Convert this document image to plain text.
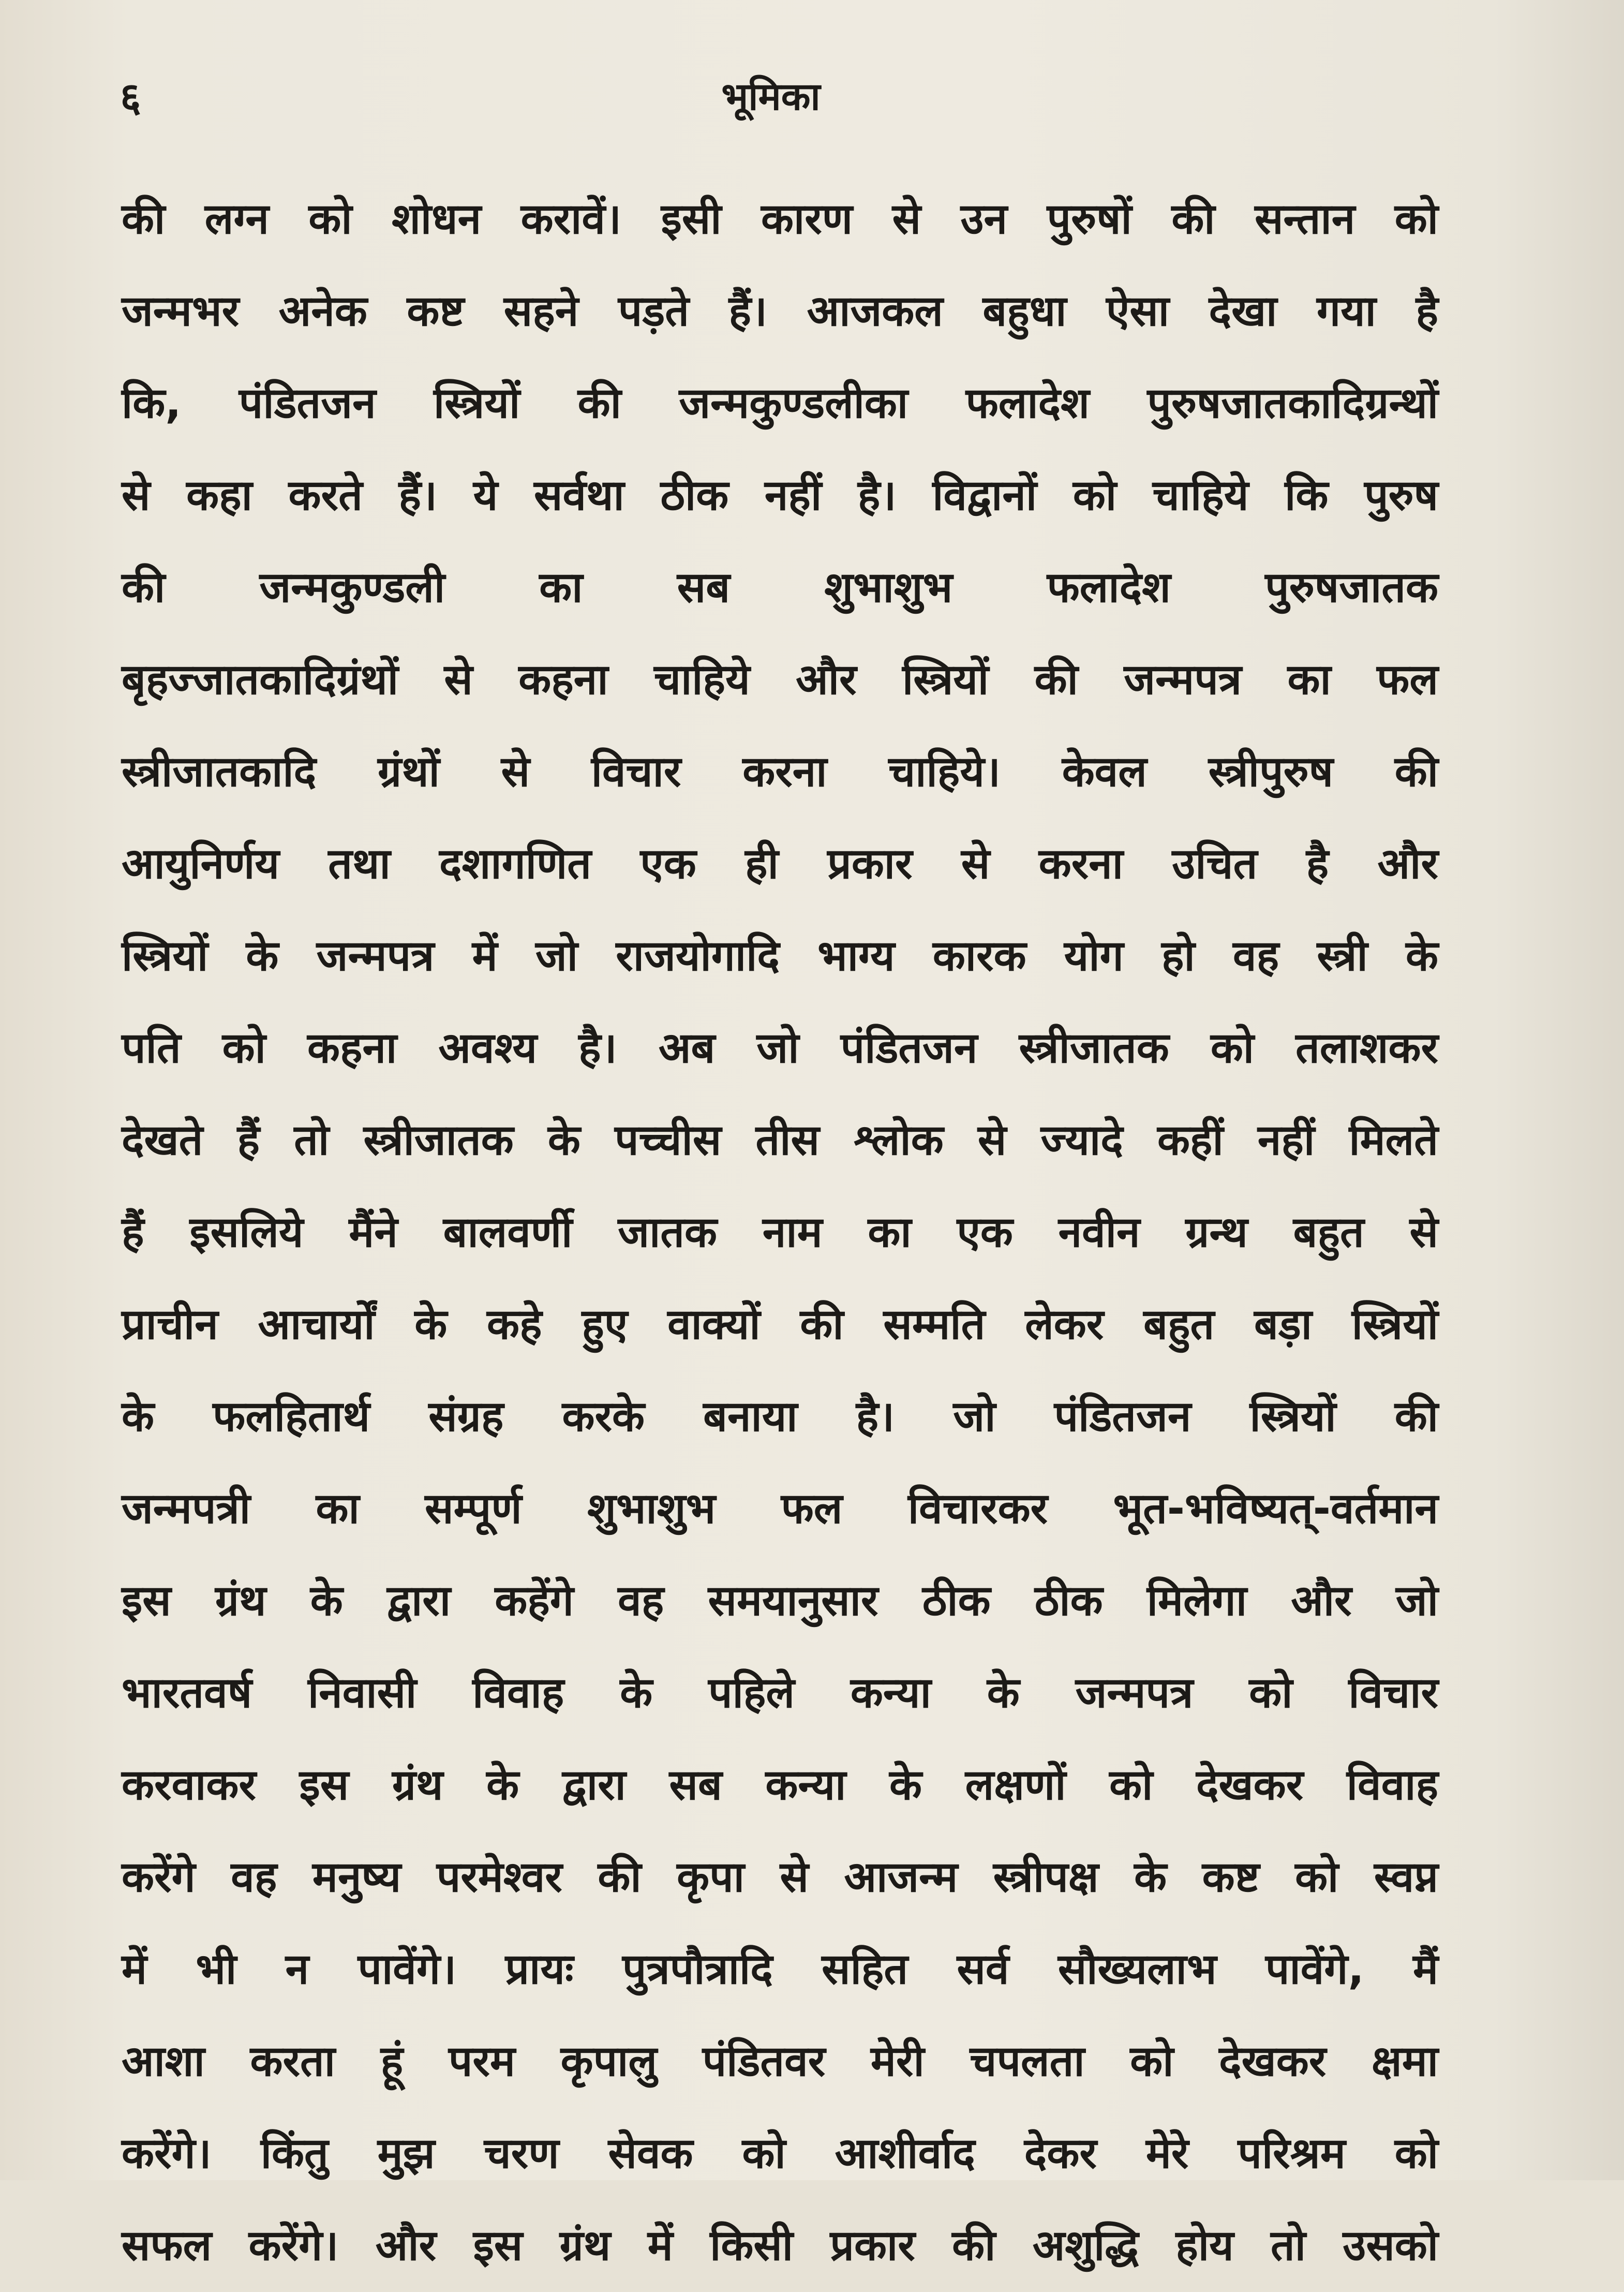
६	भूमिका
की लग्न को शोधन करावें। इसी कारण से उन पुरुषों की सन्तान को
जन्मभर अनेक कष्ट सहने पड़ते हैं। आजकल बहुधा ऐसा देखा गया है
कि, पंडितजन स्त्रियों की जन्मकुण्डलीका फलादेश पुरुषजातकादिग्रन्थों
से कहा करते हैं। ये सर्वथा ठीक नहीं है। विद्वानों को चाहिये कि पुरुष
की जन्मकुण्डली का सब शुभाशुभ फलादेश पुरुषजातक
बृहज्जातकादिग्रंथों से कहना चाहिये और स्त्रियों की जन्मपत्र का फल
स्त्रीजातकादि ग्रंथों से विचार करना चाहिये। केवल स्त्रीपुरुष की
आयुनिर्णय तथा दशागणित एक ही प्रकार से करना उचित है और
स्त्रियों के जन्मपत्र में जो राजयोगादि भाग्य कारक योग हो वह स्त्री के
पति को कहना अवश्य है। अब जो पंडितजन स्त्रीजातक को तलाशकर
देखते हैं तो स्त्रीजातक के पच्चीस तीस श्लोक से ज्यादे कहीं नहीं मिलते
हैं इसलिये मैंने बालवर्णी जातक नाम का एक नवीन ग्रन्थ बहुत से
प्राचीन आचार्यों के कहे हुए वाक्यों की सम्मति लेकर बहुत बड़ा स्त्रियों
के फलहितार्थ संग्रह करके बनाया है। जो पंडितजन स्त्रियों की
जन्मपत्री का सम्पूर्ण शुभाशुभ फल विचारकर भूत-भविष्यत्-वर्तमान
इस ग्रंथ के द्वारा कहेंगे वह समयानुसार ठीक ठीक मिलेगा और जो
भारतवर्ष निवासी विवाह के पहिले कन्या के जन्मपत्र को विचार
करवाकर इस ग्रंथ के द्वारा सब कन्या के लक्षणों को देखकर विवाह
करेंगे वह मनुष्य परमेश्वर की कृपा से आजन्म स्त्रीपक्ष के कष्ट को स्वप्न
में भी न पावेंगे। प्रायः पुत्रपौत्रादि सहित सर्व सौख्यलाभ पावेंगे, मैं
आशा करता हूं परम कृपालु पंडितवर मेरी चपलता को देखकर क्षमा
करेंगे। किंतु मुझ चरण सेवक को आशीर्वाद देकर मेरे परिश्रम को
सफल करेंगे। और इस ग्रंथ में किसी प्रकार की अशुद्धि होय तो उसको
